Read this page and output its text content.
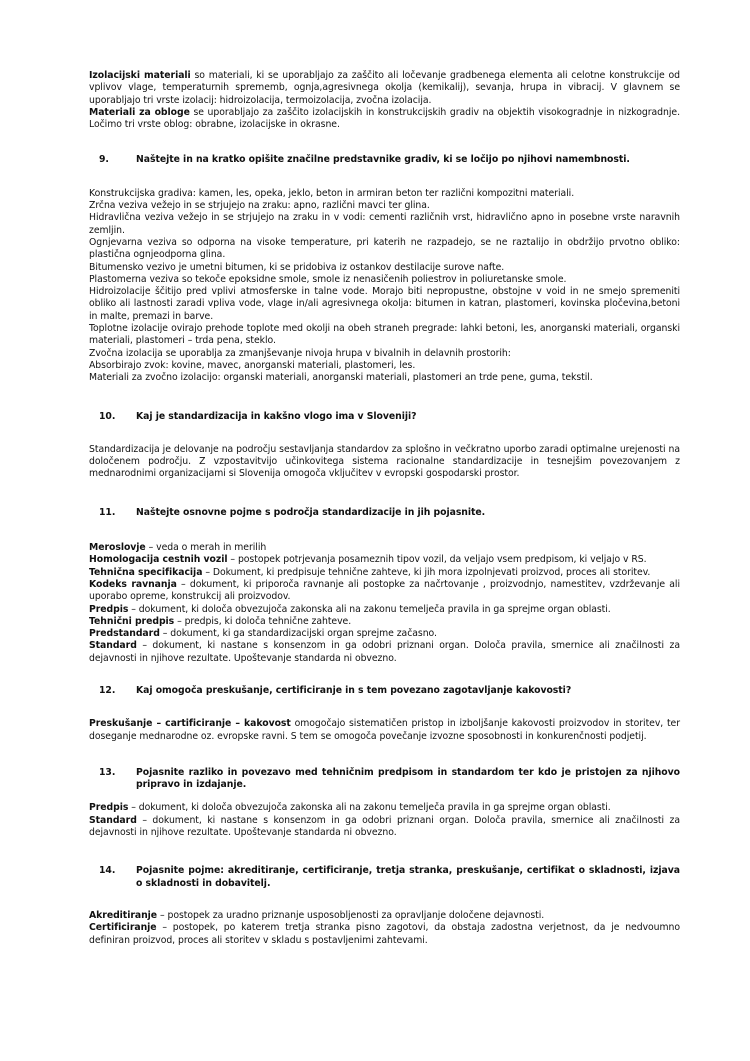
Izolacijski materiali so materiali, ki se uporabljajo za zaščito ali ločevanje gradbenega elementa ali celotne konstrukcije od vplivov vlage, temperaturnih sprememb, ognja,agresivnega okolja (kemikalij), sevanja, hrupa in vibracij. V glavnem se uporabljajo tri vrste izolacij: hidroizolacija, termoizolacija, zvočna izolacija.

Materiali za obloge se uporabljajo za zaščito izolacijskih in konstrukcijskih gradiv na objektih visokogradnje in nizkogradnje. Ločimo tri vrste oblog: obrabne, izolacijske in okrasne.

9.	Naštejte in na kratko opišite značilne predstavnike gradiv, ki se ločijo po njihovi namembnosti.

Konstrukcijska gradiva: kamen, les, opeka, jeklo, beton in armiran beton ter različni kompozitni materiali.

Zrčna veziva vežejo in se strjujejo na zraku: apno, različni mavci ter glina.

Hidravlična veziva vežejo in se strjujejo na zraku in v vodi: cementi različnih vrst, hidravlično apno in posebne vrste naravnih zemljin.

Ognjevarna veziva so odporna na visoke temperature, pri katerih ne razpadejo, se ne raztalijo in obdržijo prvotno obliko: plastična ognjeodporna glina.

Bitumensko vezivo je umetni bitumen, ki se pridobiva iz ostankov destilacije surove nafte.

Plastomerna veziva so tekoče epoksidne smole, smole iz nenasičenih poliestrov in poliuretanske smole.

Hidroizolacije ščitijo pred vplivi atmosferske in talne vode. Morajo biti nepropustne, obstojne v void in ne smejo spremeniti obliko ali lastnosti zaradi vpliva vode, vlage in/ali agresivnega okolja: bitumen in katran, plastomeri, kovinska pločevina,betoni in malte, premazi in barve.

Toplotne izolacije ovirajo prehode toplote med okolji na obeh straneh pregrade: lahki betoni, les, anorganski materiali, organski materiali, plastomeri – trda pena, steklo.

Zvočna izolacija se uporablja za zmanjševanje nivoja hrupa v bivalnih in delavnih prostorih:

Absorbirajo zvok: kovine, mavec, anorganski materiali, plastomeri, les.

Materiali za zvočno izolacijo: organski materiali, anorganski materiali, plastomeri an trde pene, guma, tekstil.

10.	Kaj je standardizacija in kakšno vlogo ima v Sloveniji?

Standardizacija je delovanje na področju sestavljanja standardov za splošno in večkratno uporbo zaradi optimalne urejenosti na določenem področju. Z vzpostavitvijo učinkovitega sistema racionalne standardizacije in tesnejšim povezovanjem z mednarodnimi organizacijami si Slovenija omogoča vključitev v evropski gospodarski prostor.

11.	Naštejte osnovne pojme s področja standardizacije in jih pojasnite.

Meroslovje – veda o merah in merilih

Homologacija cestnih vozil – postopek potrjevanja posameznih tipov vozil, da veljajo vsem predpisom, ki veljajo v RS.

Tehnična specifikacija – Dokument, ki predpisuje tehnične zahteve, ki jih mora izpolnjevati proizvod, proces ali storitev.

Kodeks ravnanja – dokument, ki priporoča ravnanje ali postopke za načrtovanje , proizvodnjo, namestitev, vzdrževanje ali uporabo opreme, konstrukcij ali proizvodov.

Predpis – dokument, ki določa obvezujoča zakonska ali na zakonu temelječa pravila in ga sprejme organ oblasti.

Tehnični predpis – predpis, ki določa tehnične zahteve.

Predstandard – dokument, ki ga standardizacijski organ sprejme začasno.

Standard – dokument, ki nastane s konsenzom in ga odobri priznani organ. Določa pravila, smernice ali značilnosti za dejavnosti in njihove rezultate. Upoštevanje standarda ni obvezno.

12.	Kaj omogoča preskušanje, certificiranje in s tem povezano zagotavljanje kakovosti?

Preskušanje – cartificiranje – kakovost omogočajo sistematičen pristop in izboljšanje kakovosti proizvodov in storitev, ter doseganje mednarodne oz. evropske ravni. S tem se omogoča povečanje izvozne sposobnosti in konkurenčnosti podjetij.

13.	Pojasnite razliko in povezavo med tehničnim predpisom in standardom ter kdo je pristojen za njihovo pripravo in izdajanje.

Predpis – dokument, ki določa obvezujoča zakonska ali na zakonu temelječa pravila in ga sprejme organ oblasti.

Standard – dokument, ki nastane s konsenzom in ga odobri priznani organ. Določa pravila, smernice ali značilnosti za dejavnosti in njihove rezultate. Upoštevanje standarda ni obvezno.

14.	Pojasnite pojme: akreditiranje, certificiranje, tretja stranka, preskušanje, certifikat o skladnosti, izjava o skladnosti in dobavitelj.

Akreditiranje – postopek za uradno priznanje usposobljenosti za opravljanje določene dejavnosti.

Certificiranje – postopek, po katerem tretja stranka pisno zagotovi, da obstaja zadostna verjetnost, da je nedvoumno definiran proizvod, proces ali storitev v skladu s postavljenimi zahtevami.
